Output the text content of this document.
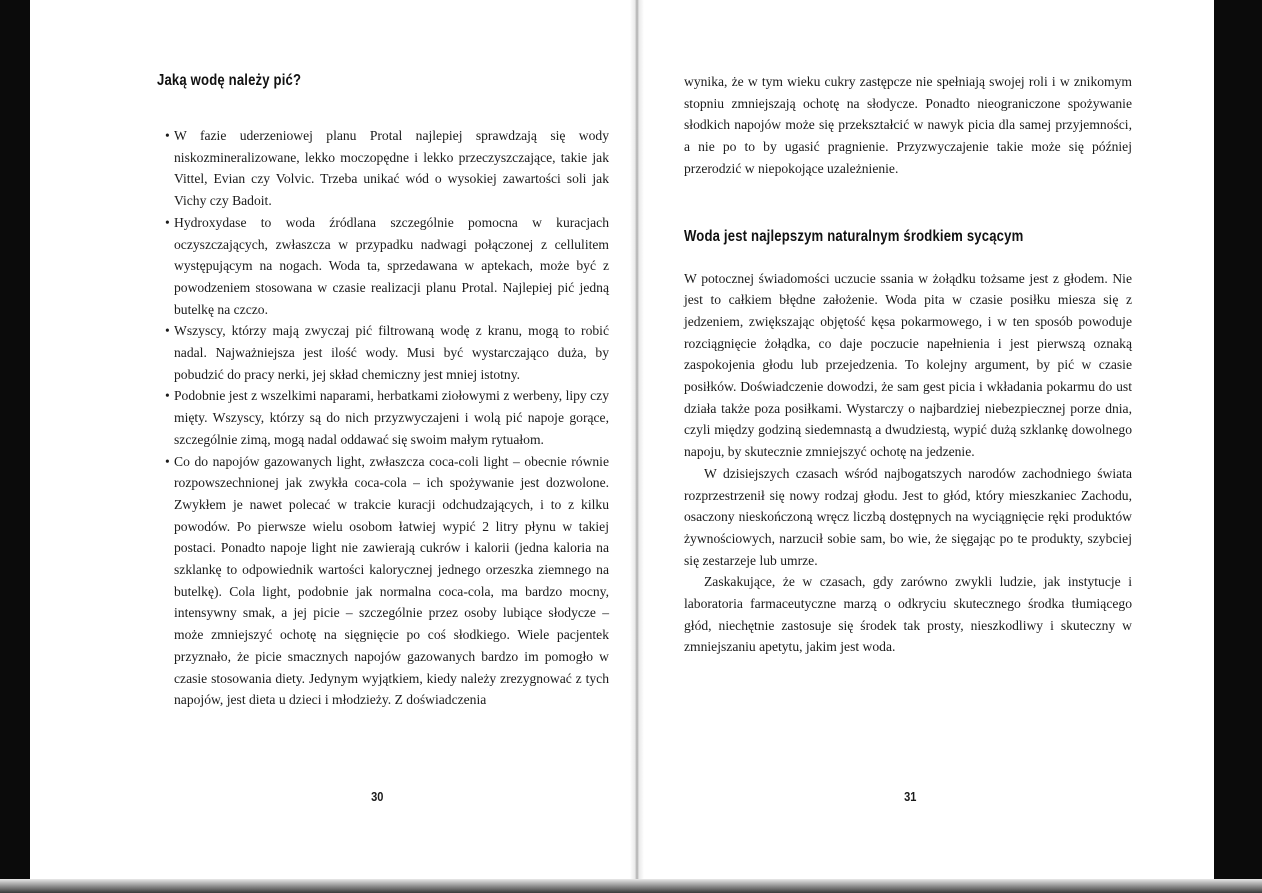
Jaką wodę należy pić?
• W fazie uderzeniowej planu Protal najlepiej sprawdzają się wody niskozmineralizowane, lekko moczopędne i lekko przeczyszczające, takie jak Vittel, Evian czy Volvic. Trzeba unikać wód o wysokiej zawartości soli jak Vichy czy Badoit.
• Hydroxydase to woda źródlana szczególnie pomocna w kuracjach oczyszczających, zwłaszcza w przypadku nadwagi połączonej z cellulitem występującym na nogach. Woda ta, sprzedawana w aptekach, może być z powodzeniem stosowana w czasie realizacji planu Protal. Najlepiej pić jedną butelkę na czczo.
• Wszyscy, którzy mają zwyczaj pić filtrowaną wodę z kranu, mogą to robić nadal. Najważniejsza jest ilość wody. Musi być wystarczająco duża, by pobudzić do pracy nerki, jej skład chemiczny jest mniej istotny.
• Podobnie jest z wszelkimi naparami, herbatkami ziołowymi z werbeny, lipy czy mięty. Wszyscy, którzy są do nich przyzwyczajeni i wolą pić napoje gorące, szczególnie zimą, mogą nadal oddawać się swoim małym rytuałom.
• Co do napojów gazowanych light, zwłaszcza coca-coli light – obecnie równie rozpowszechnionej jak zwykła coca-cola – ich spożywanie jest dozwolone. Zwykłem je nawet polecać w trakcie kuracji odchudzających, i to z kilku powodów. Po pierwsze wielu osobom łatwiej wypić 2 litry płynu w takiej postaci. Ponadto napoje light nie zawierają cukrów i kalorii (jedna kaloria na szklankę to odpowiednik wartości kalorycznej jednego orzeszka ziemnego na butelkę). Cola light, podobnie jak normalna coca-cola, ma bardzo mocny, intensywny smak, a jej picie – szczególnie przez osoby lubiące słodycze – może zmniejszyć ochotę na sięgnięcie po coś słodkiego. Wiele pacjentek przyznało, że picie smacznych napojów gazowanych bardzo im pomogło w czasie stosowania diety. Jedynym wyjątkiem, kiedy należy zrezygnować z tych napojów, jest dieta u dzieci i młodzieży. Z doświadczenia
30

wynika, że w tym wieku cukry zastępcze nie spełniają swojej roli i w znikomym stopniu zmniejszają ochotę na słodycze. Ponadto nieograniczone spożywanie słodkich napojów może się przekształcić w nawyk picia dla samej przyjemności, a nie po to by ugasić pragnienie. Przyzwyczajenie takie może się później przerodzić w niepokojące uzależnienie.

Woda jest najlepszym naturalnym środkiem sycącym

W potocznej świadomości uczucie ssania w żołądku tożsame jest z głodem. Nie jest to całkiem błędne założenie. Woda pita w czasie posiłku miesza się z jedzeniem, zwiększając objętość kęsa pokarmowego, i w ten sposób powoduje rozciągnięcie żołądka, co daje poczucie napełnienia i jest pierwszą oznaką zaspokojenia głodu lub przejedzenia. To kolejny argument, by pić w czasie posiłków. Doświadczenie dowodzi, że sam gest picia i wkładania pokarmu do ust działa także poza posiłkami. Wystarczy o najbardziej niebezpiecznej porze dnia, czyli między godziną siedemnastą a dwudziestą, wypić dużą szklankę dowolnego napoju, by skutecznie zmniejszyć ochotę na jedzenie.

W dzisiejszych czasach wśród najbogatszych narodów zachodniego świata rozprzestrzenił się nowy rodzaj głodu. Jest to głód, który mieszkaniec Zachodu, osaczony nieskończoną wręcz liczbą dostępnych na wyciągnięcie ręki produktów żywnościowych, narzucił sobie sam, bo wie, że sięgając po te produkty, szybciej się zestarzeje lub umrze.

Zaskakujące, że w czasach, gdy zarówno zwykli ludzie, jak instytucje i laboratoria farmaceutyczne marzą o odkryciu skutecznego środka tłumiącego głód, niechętnie zastosuje się środek tak prosty, nieszkodliwy i skuteczny w zmniejszaniu apetytu, jakim jest woda.

31
